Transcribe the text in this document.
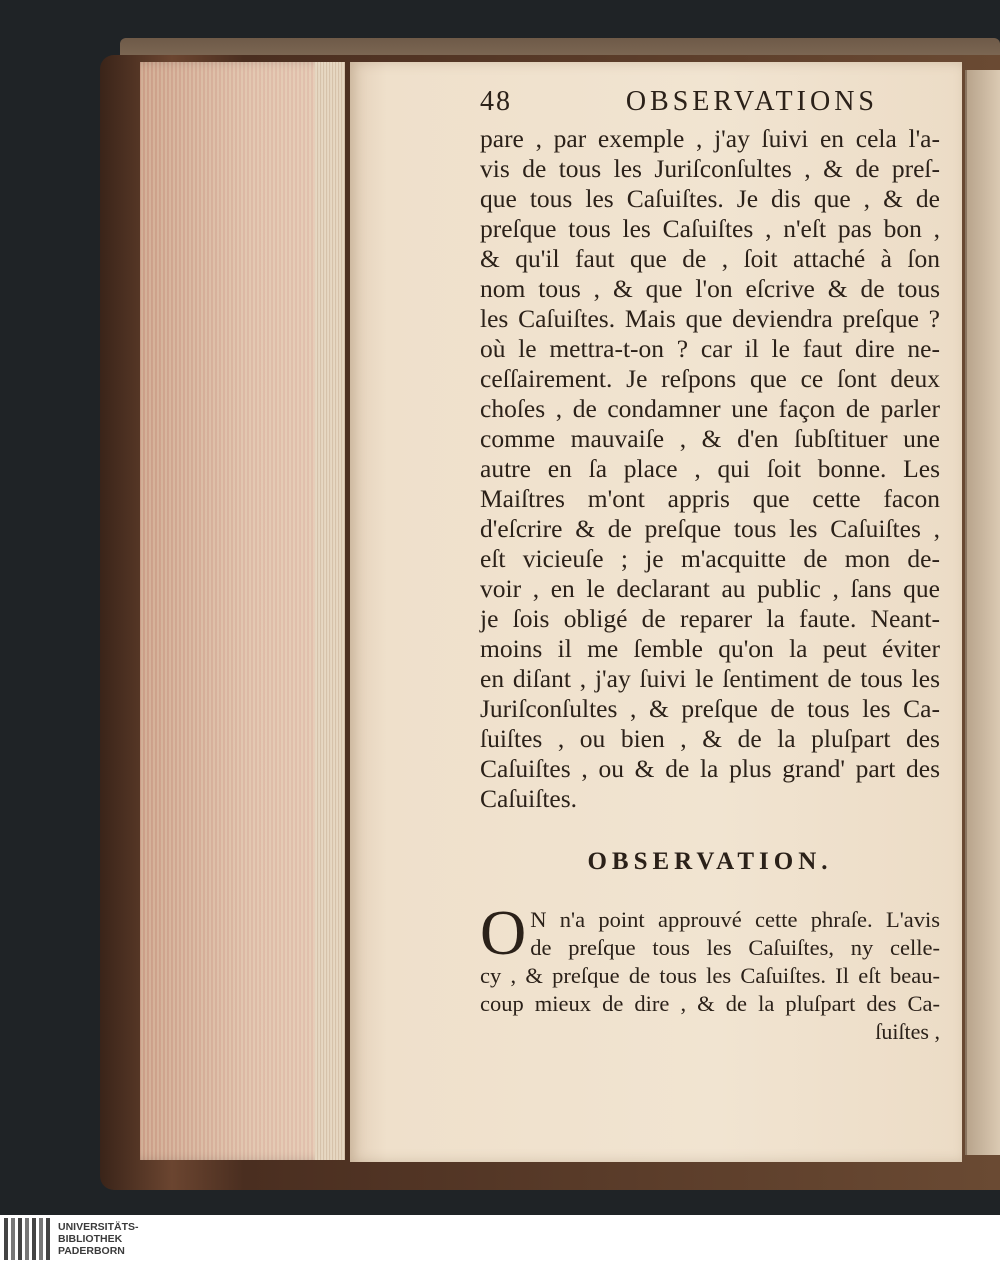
48	OBSERVATIONS
pare , par exemple , j'ay ſuivi en cela l'a-
vis de tous les Juriſconſultes , & de preſ-
que tous les Caſuiſtes. Je dis que , & de
preſque tous les Caſuiſtes , n'eſt pas bon ,
& qu'il faut que de , ſoit attaché à ſon
nom tous , & que l'on eſcrive & de tous
les Caſuiſtes. Mais que deviendra preſque ?
où le mettra-t-on ? car il le faut dire ne-
ceſſairement. Je reſpons que ce ſont deux
choſes , de condamner une façon de parler
comme mauvaiſe , & d'en ſubſtituer une
autre en ſa place , qui ſoit bonne. Les
Maiſtres m'ont appris que cette facon
d'eſcrire & de preſque tous les Caſuiſtes ,
eſt vicieuſe ; je m'acquitte de mon de-
voir , en le declarant au public , ſans que
je ſois obligé de reparer la faute. Neant-
moins il me ſemble qu'on la peut éviter
en diſant , j'ay ſuivi le ſentiment de tous les
Juriſconſultes , & preſque de tous les Ca-
ſuiſtes , ou bien , & de la pluſpart des
Caſuiſtes , ou & de la plus grand' part des
Caſuiſtes.
OBSERVATION.
O N n'a point approuvé cette phraſe. L'avis
de preſque tous les Caſuiſtes, ny celle-
cy , & preſque de tous les Caſuiſtes. Il eſt beau-
coup mieux de dire , & de la pluſpart des Ca-
ſuiſtes ,
UNIVERSITÄTS-
BIBLIOTHEK
PADERBORN
